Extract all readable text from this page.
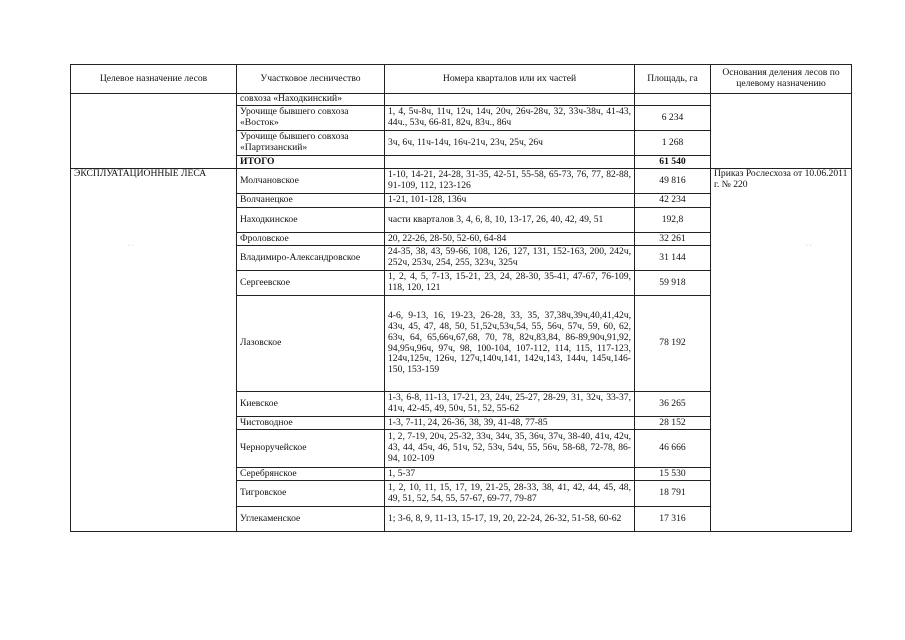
Целевое назначение лесов	Участковое лесничество	Номера кварталов или их частей	Площадь, га	Основания деления лесов по целевому назначению
	совхоза «Находкинский»			
	Урочище бывшего совхоза «Восток»	1, 4, 5ч-8ч, 11ч, 12ч, 14ч, 20ч, 26ч-28ч, 32, 33ч-38ч, 41-43, 44ч., 53ч, 66-81, 82ч, 83ч., 86ч	6 234	
	Урочище бывшего совхоза «Партизанский»	3ч, 6ч, 11ч-14ч, 16ч-21ч, 23ч, 25ч, 26ч	1 268	
	ИТОГО		61 540	
ЭКСПЛУАТАЦИОННЫЕ ЛЕСА	Молчановское	1-10, 14-21, 24-28, 31-35, 42-51, 55-58, 65-73, 76, 77, 82-88, 91-109, 112, 123-126	49 816	Приказ Рослесхоза от 10.06.2011 г. № 220
	Волчанецкое	1-21, 101-128, 136ч	42 234	
	Находкинское	части кварталов 3, 4, 6, 8, 10, 13-17, 26, 40, 42, 49, 51	192,8	
	Фроловское	20, 22-26, 28-50, 52-60, 64-84	32 261	
	Владимиро-Александровское	24-35, 38, 43, 59-66, 108, 126, 127, 131, 152-163, 200, 242ч, 252ч, 253ч, 254, 255, 323ч, 325ч	31 144	
	Сергеевское	1, 2, 4, 5, 7-13, 15-21, 23, 24, 28-30, 35-41, 47-67, 76-109, 118, 120, 121	59 918	
	Лазовское	4-6, 9-13, 16, 19-23, 26-28, 33, 35, 37,38ч,39ч,40,41,42ч, 43ч, 45, 47, 48, 50, 51,52ч,53ч,54, 55, 56ч, 57ч, 59, 60, 62, 63ч, 64, 65,66ч,67,68, 70, 78, 82ч,83,84, 86-89,90ч,91,92, 94,95ч,96ч, 97ч, 98, 100-104, 107-112, 114, 115, 117-123, 124ч,125ч, 126ч, 127ч,140ч,141, 142ч,143, 144ч, 145ч,146-150, 153-159	78 192	
	Киевское	1-3, 6-8, 11-13, 17-21, 23, 24ч, 25-27, 28-29, 31, 32ч, 33-37, 41ч, 42-45, 49, 50ч, 51, 52, 55-62	36 265	
	Чистоводное	1-3, 7-11, 24, 26-36, 38, 39, 41-48, 77-85	28 152	
	Черноручейское	1, 2, 7-19, 20ч, 25-32, 33ч, 34ч, 35, 36ч, 37ч, 38-40, 41ч, 42ч, 43, 44, 45ч, 46, 51ч, 52, 53ч, 54ч, 55, 56ч, 58-68, 72-78, 86-94, 102-109	46 666	
	Серебрянское	1, 5-37	15 530	
	Тигровское	1, 2, 10, 11, 15, 17, 19, 21-25, 28-33, 38, 41, 42, 44, 45, 48, 49, 51, 52, 54, 55, 57-67, 69-77, 79-87	18 791	
	Углекаменское	1; 3-6, 8, 9, 11-13, 15-17, 19, 20, 22-24, 26-32, 51-58, 60-62	17 316	
· ·	· ·
